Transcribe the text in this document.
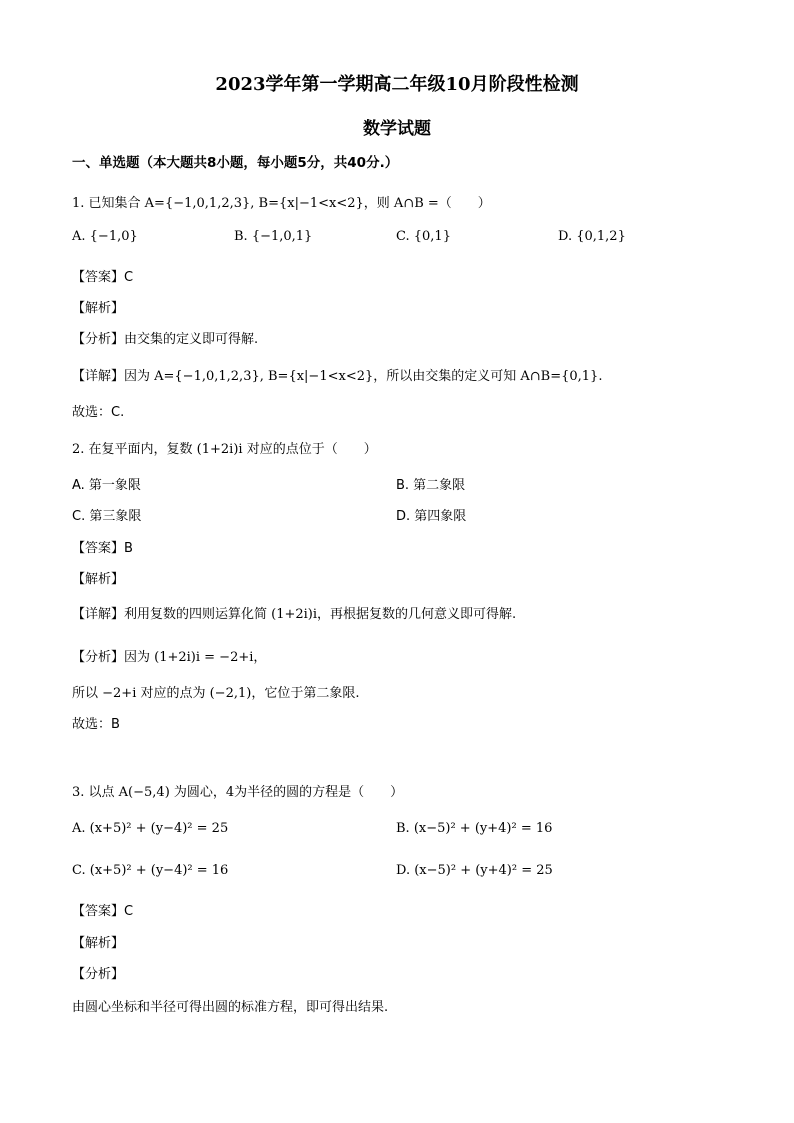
2023学年第一学期高二年级10月阶段性检测
数学试题
一、单选题（本大题共8小题，每小题5分，共40分.）
1. 已知集合 A={−1,0,1,2,3}, B={x|−1<x<2}，则 A∩B =（　　）
A. {−1,0}	B. {−1,0,1}	C. {0,1}	D. {0,1,2}
【答案】C
【解析】
【分析】由交集的定义即可得解.
【详解】因为 A={−1,0,1,2,3}, B={x|−1<x<2}，所以由交集的定义可知 A∩B={0,1}.
故选：C.
2. 在复平面内，复数 (1+2i)i 对应的点位于（　　）
A. 第一象限	B. 第二象限
C. 第三象限	D. 第四象限
【答案】B
【解析】
【详解】利用复数的四则运算化简 (1+2i)i，再根据复数的几何意义即可得解.
【分析】因为 (1+2i)i = −2+i，
所以 −2+i 对应的点为 (−2,1)，它位于第二象限.
故选：B
3. 以点 A(−5,4) 为圆心，4为半径的圆的方程是（　　）
A. (x+5)² + (y−4)² = 25	B. (x−5)² + (y+4)² = 16
C. (x+5)² + (y−4)² = 16	D. (x−5)² + (y+4)² = 25
【答案】C
【解析】
【分析】
由圆心坐标和半径可得出圆的标准方程，即可得出结果.
